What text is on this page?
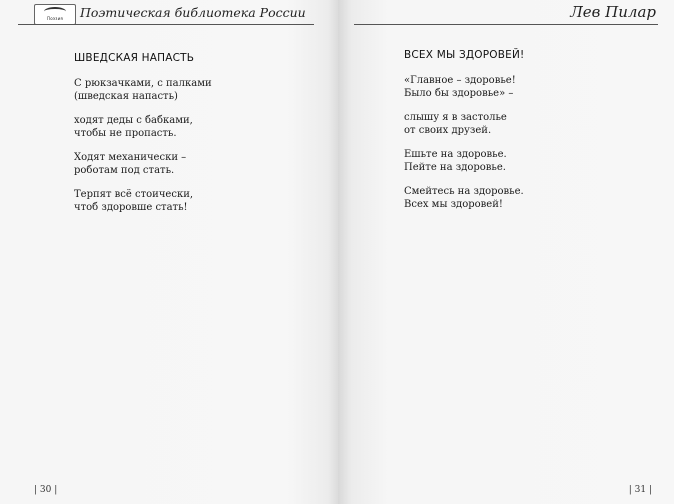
Поэзия Поэтическая библиотека России
ШВЕДСКАЯ НАПАСТЬ
С рюкзачками, с палками
(шведская напасть)
ходят деды с бабками,
чтобы не пропасть.
Ходят механически –
роботам под стать.
Терпят всё стоически,
чтоб здоровше стать!
| 30 |
Лев Пилар
ВСЕХ МЫ ЗДОРОВЕЙ!
«Главное – здоровье!
Было бы здоровье» –
слышу я в застолье
от своих друзей.
Ешьте на здоровье.
Пейте на здоровье.
Смейтесь на здоровье.
Всех мы здоровей!
| 31 |
